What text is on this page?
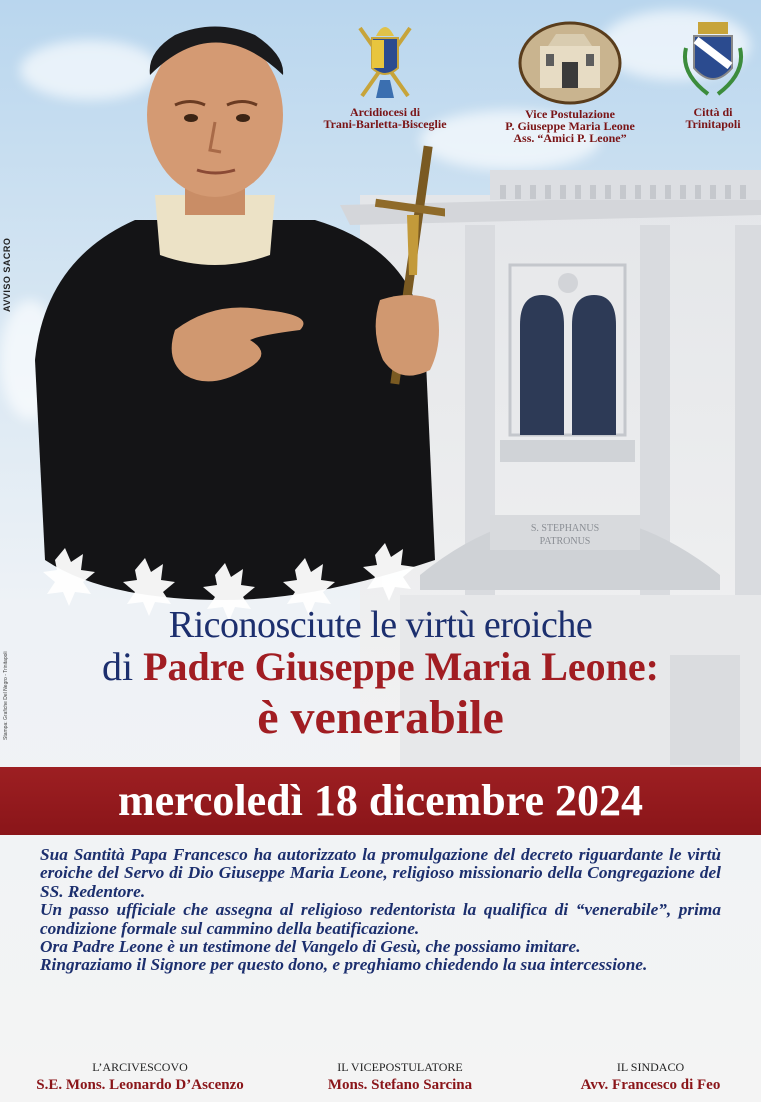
S. STEPHANUS
PATRONUS
AVVISO SACRO
Stampa: Grafiche Del Negro - Trinitapoli
Arcidiocesi di
Trani-Barletta-Bisceglie
Vice Postulazione
P. Giuseppe Maria Leone
Ass. “Amici P. Leone”
Città di
Trinitapoli
Riconosciute le virtù eroiche
di Padre Giuseppe Maria Leone:
è venerabile
mercoledì 18 dicembre 2024

Sua Santità Papa Francesco ha autorizzato la promulgazione del decreto riguardante le virtù eroiche del Servo di Dio Giuseppe Maria Leone, religioso missionario della Congregazione del SS. Redentore.

Un passo ufficiale che assegna al religioso redentorista la qualifica di “venerabile”, prima condizione formale sul cammino della beatificazione.

Ora Padre Leone è un testimone del Vangelo di Gesù, che possiamo imitare.

Ringraziamo il Signore per questo dono, e preghiamo chiedendo la sua intercessione.

L’ARCIVESCOVO
S.E. Mons. Leonardo D’Ascenzo
IL VICEPOSTULATORE
Mons. Stefano Sarcina
IL SINDACO
Avv. Francesco di Feo
